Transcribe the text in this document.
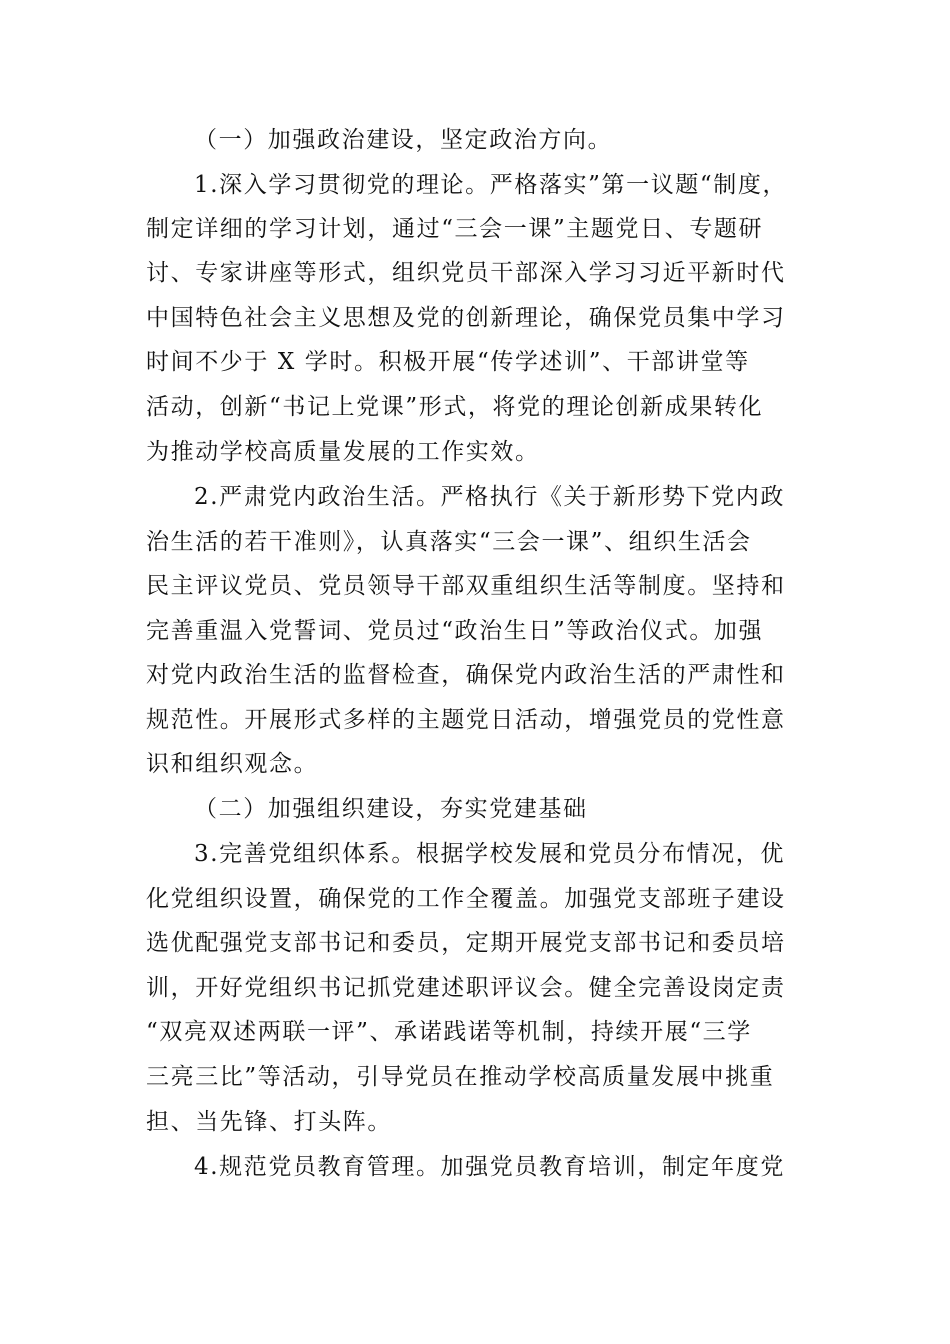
（一）加强政治建设，坚定政治方向。
1.深入学习贯彻党的理论。严格落实”第一议题“制度，
制定详细的学习计划，通过“三会一课”主题党日、专题研
讨、专家讲座等形式，组织党员干部深入学习习近平新时代
中国特色社会主义思想及党的创新理论，确保党员集中学习
时间不少于 X 学时。积极开展“传学述训”、干部讲堂等
活动，创新“书记上党课”形式，将党的理论创新成果转化
为推动学校高质量发展的工作实效。
2.严肃党内政治生活。严格执行《关于新形势下党内政
治生活的若干准则》，认真落实“三会一课”、组织生活会
民主评议党员、党员领导干部双重组织生活等制度。坚持和
完善重温入党誓词、党员过“政治生日”等政治仪式。加强
对党内政治生活的监督检查，确保党内政治生活的严肃性和
规范性。开展形式多样的主题党日活动，增强党员的党性意
识和组织观念。
（二）加强组织建设，夯实党建基础
3.完善党组织体系。根据学校发展和党员分布情况，优
化党组织设置，确保党的工作全覆盖。加强党支部班子建设
选优配强党支部书记和委员，定期开展党支部书记和委员培
训，开好党组织书记抓党建述职评议会。健全完善设岗定责
“双亮双述两联一评”、承诺践诺等机制，持续开展“三学
三亮三比”等活动，引导党员在推动学校高质量发展中挑重
担、当先锋、打头阵。
4.规范党员教育管理。加强党员教育培训，制定年度党
